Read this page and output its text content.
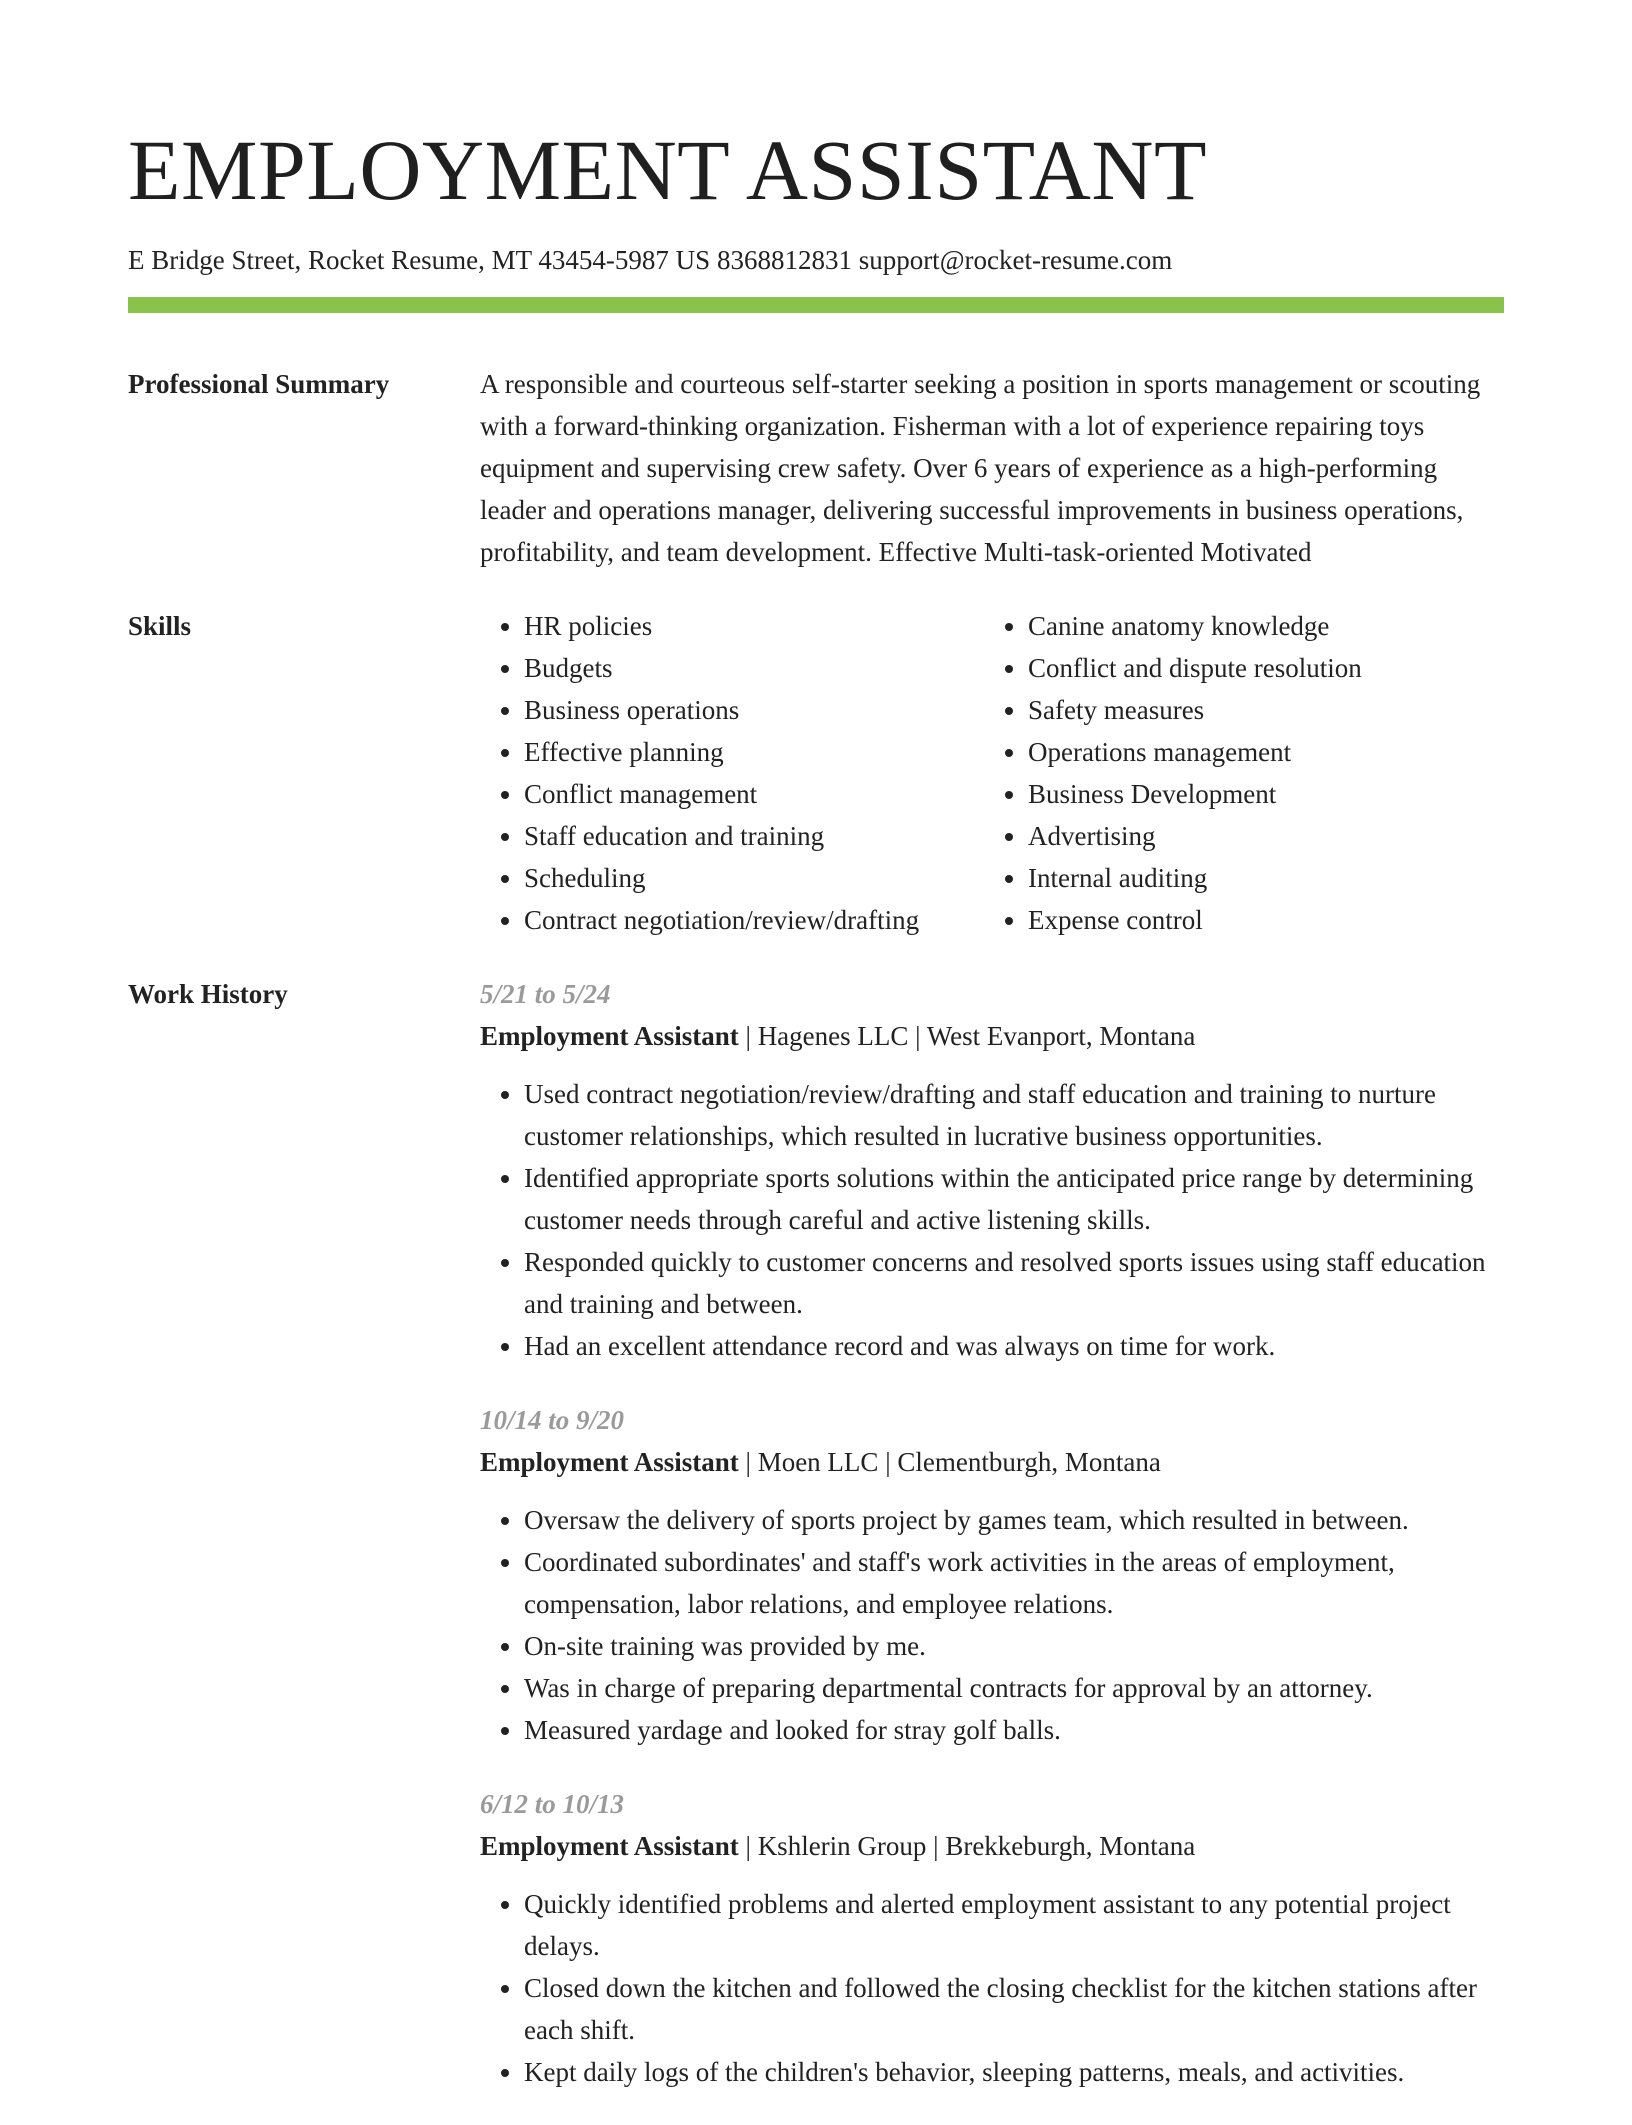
EMPLOYMENT ASSISTANT
E Bridge Street, Rocket Resume, MT 43454-5987 US 8368812831 support@rocket-resume.com
Professional Summary	A responsible and courteous self-starter seeking a position in sports management or scouting with a forward-thinking organization. Fisherman with a lot of experience repairing toys equipment and supervising crew safety. Over 6 years of experience as a high-performing leader and operations manager, delivering successful improvements in business operations, profitability, and team development. Effective Multi-task-oriented Motivated
Skills
•	HR policies
• Budgets
• Business operations
• Effective planning
• Conflict management
• Staff education and training
• Scheduling
• Contract negotiation/review/drafting
• Canine anatomy knowledge
• Conflict and dispute resolution
• Safety measures
• Operations management
• Business Development
• Advertising
• Internal auditing
• Expense control
Work History	5/21 to 5/24
Employment Assistant | Hagenes LLC | West Evanport, Montana
• Used contract negotiation/review/drafting and staff education and training to nurture customer relationships, which resulted in lucrative business opportunities.
• Identified appropriate sports solutions within the anticipated price range by determining customer needs through careful and active listening skills.
• Responded quickly to customer concerns and resolved sports issues using staff education and training and between.
• Had an excellent attendance record and was always on time for work.
10/14 to 9/20
Employment Assistant | Moen LLC | Clementburgh, Montana
• Oversaw the delivery of sports project by games team, which resulted in between.
• Coordinated subordinates' and staff's work activities in the areas of employment, compensation, labor relations, and employee relations.
• On-site training was provided by me.
• Was in charge of preparing departmental contracts for approval by an attorney.
• Measured yardage and looked for stray golf balls.
6/12 to 10/13
Employment Assistant | Kshlerin Group | Brekkeburgh, Montana
• Quickly identified problems and alerted employment assistant to any potential project delays.
• Closed down the kitchen and followed the closing checklist for the kitchen stations after each shift.
• Kept daily logs of the children's behavior, sleeping patterns, meals, and activities.
